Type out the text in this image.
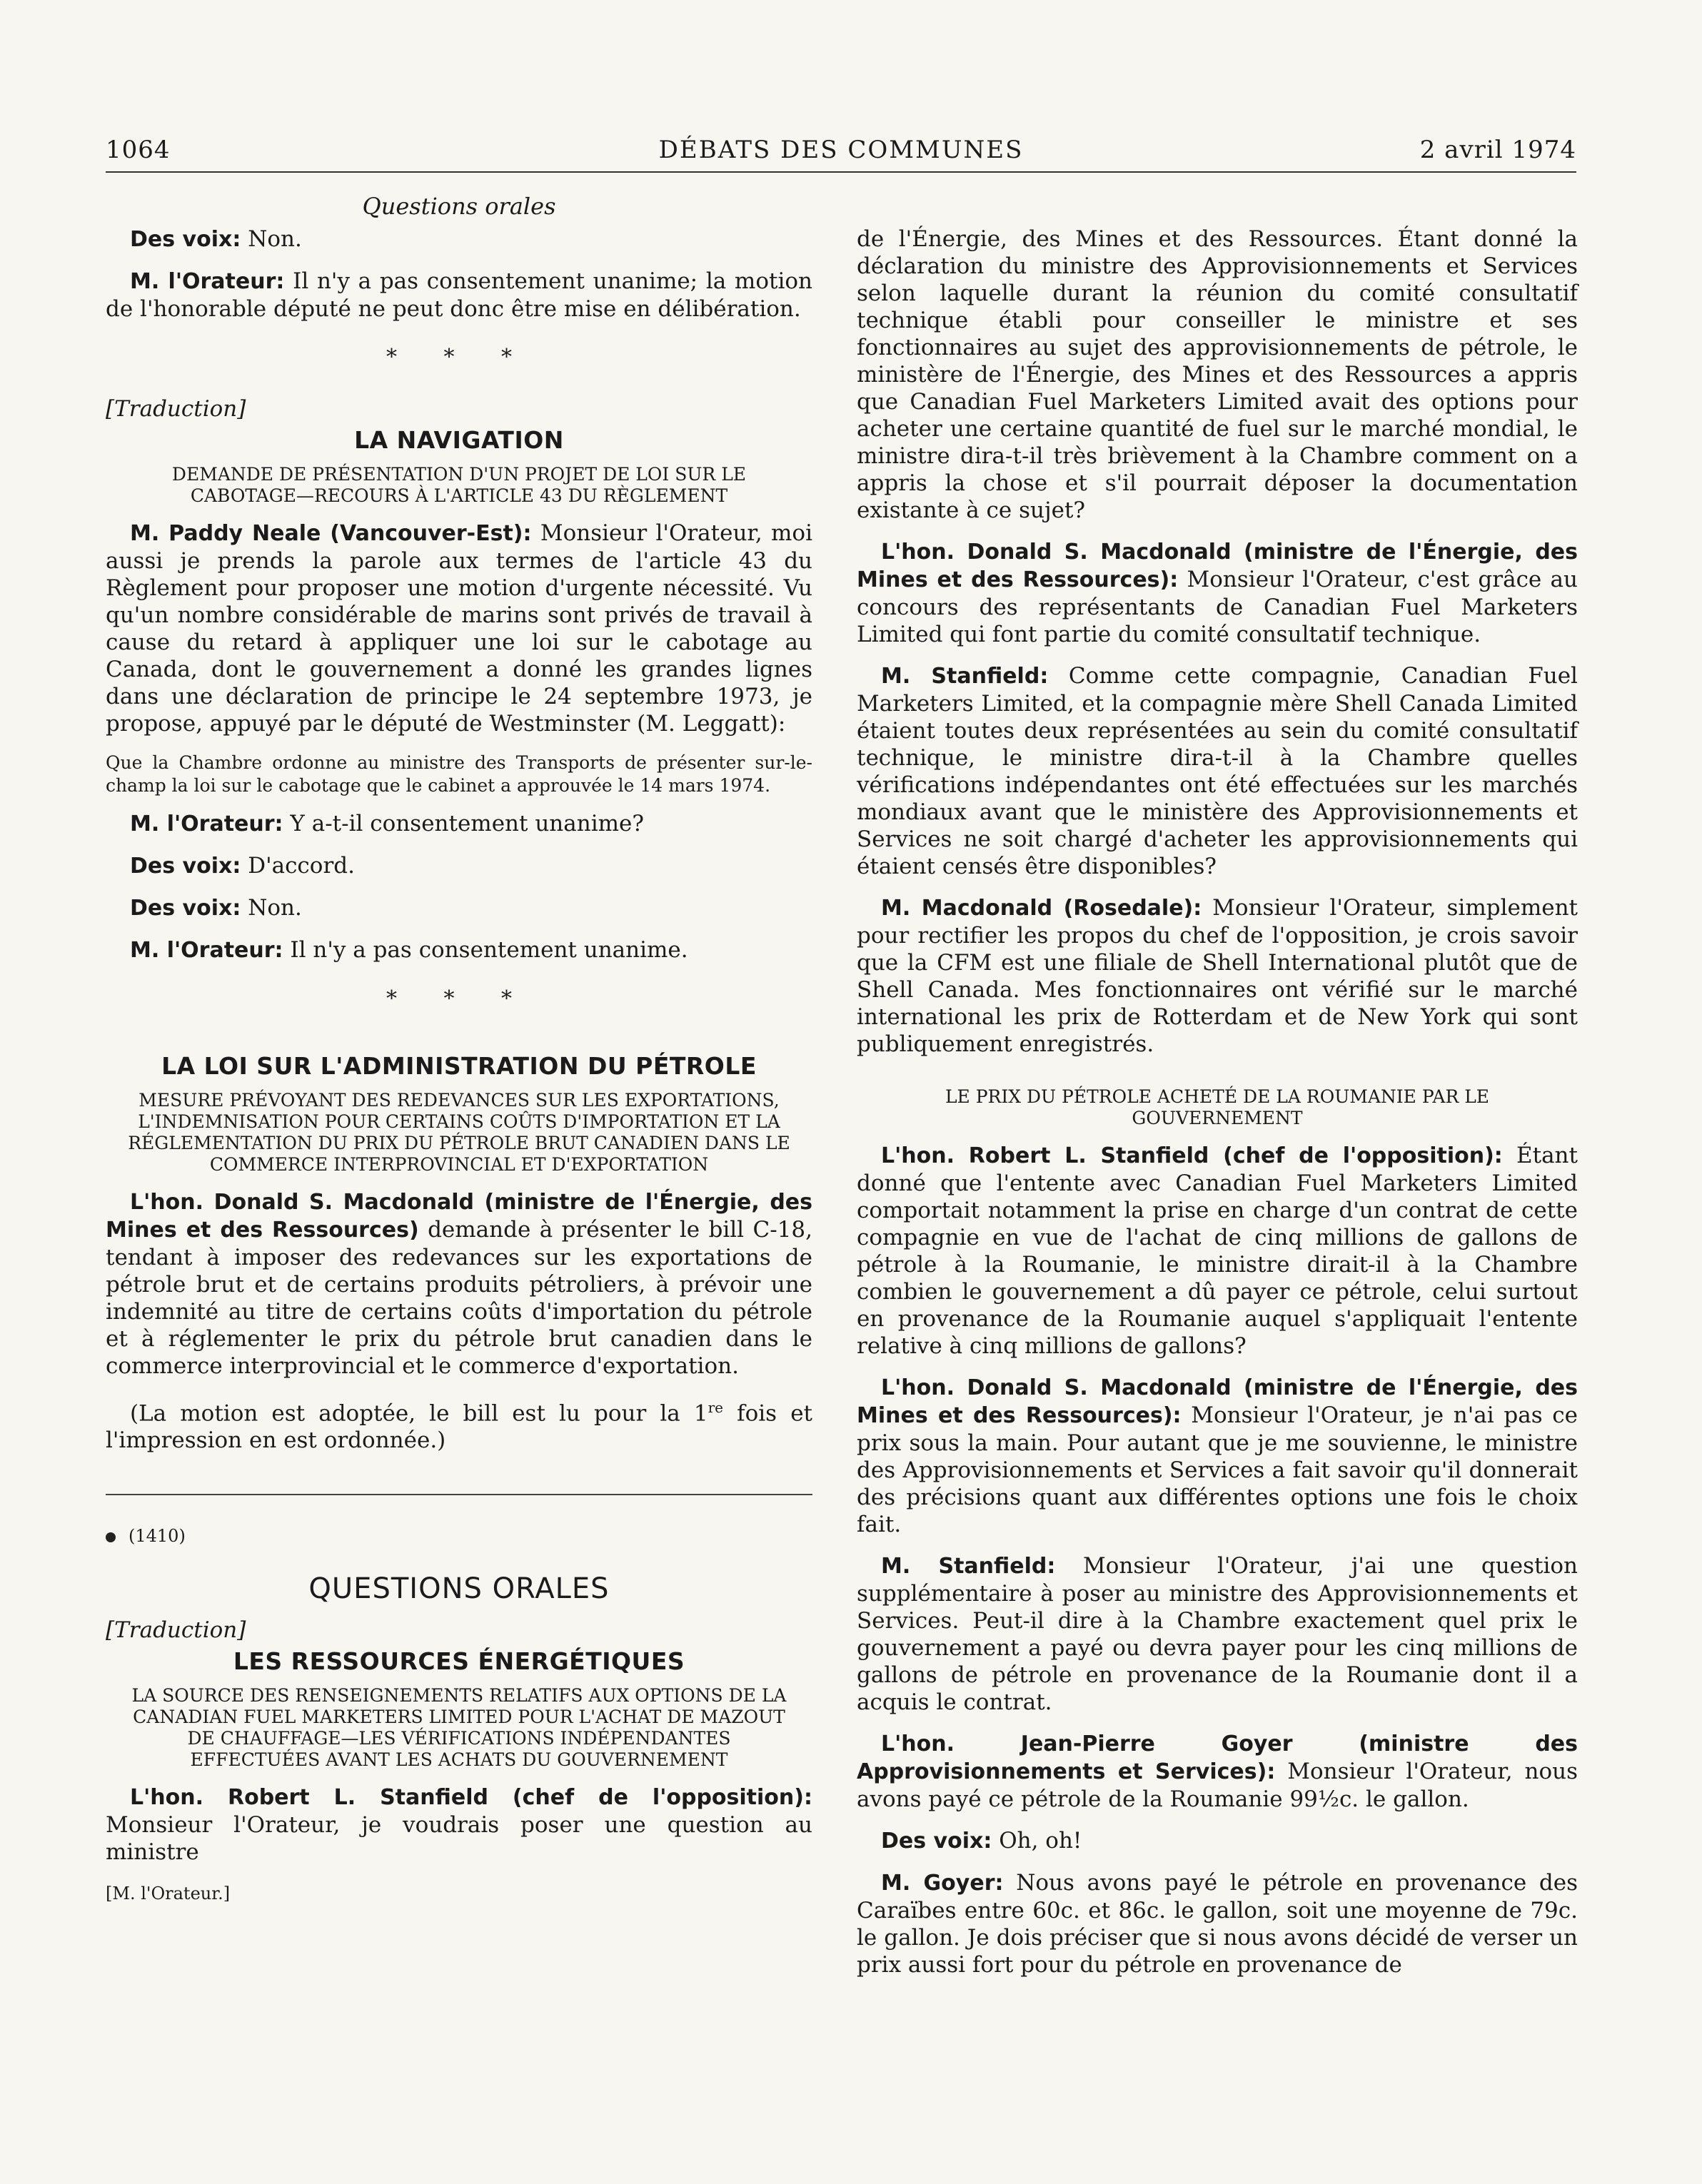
1064	DÉBATS DES COMMUNES	2 avril 1974
Questions orales

Des voix: Non.

M. l'Orateur: Il n'y a pas consentement unanime; la motion de l'honorable député ne peut donc être mise en délibération.

* * *
[Traduction]
LA NAVIGATION
DEMANDE DE PRÉSENTATION D'UN PROJET DE LOI SUR LE CABOTAGE—RECOURS À L'ARTICLE 43 DU RÈGLEMENT

M. Paddy Neale (Vancouver-Est): Monsieur l'Orateur, moi aussi je prends la parole aux termes de l'article 43 du Règlement pour proposer une motion d'urgente nécessité. Vu qu'un nombre considérable de marins sont privés de travail à cause du retard à appliquer une loi sur le cabotage au Canada, dont le gouvernement a donné les grandes lignes dans une déclaration de principe le 24 septembre 1973, je propose, appuyé par le député de Westminster (M. Leggatt):

Que la Chambre ordonne au ministre des Transports de présenter sur-le-champ la loi sur le cabotage que le cabinet a approuvée le 14 mars 1974.

M. l'Orateur: Y a-t-il consentement unanime?

Des voix: D'accord.

Des voix: Non.

M. l'Orateur: Il n'y a pas consentement unanime.

* * *
LA LOI SUR L'ADMINISTRATION DU PÉTROLE
MESURE PRÉVOYANT DES REDEVANCES SUR LES EXPORTATIONS, L'INDEMNISATION POUR CERTAINS COÛTS D'IMPORTATION ET LA RÉGLEMENTATION DU PRIX DU PÉTROLE BRUT CANADIEN DANS LE COMMERCE INTERPROVINCIAL ET D'EXPORTATION

L'hon. Donald S. Macdonald (ministre de l'Énergie, des Mines et des Ressources) demande à présenter le bill C-18, tendant à imposer des redevances sur les exportations de pétrole brut et de certains produits pétroliers, à prévoir une indemnité au titre de certains coûts d'importation du pétrole et à réglementer le prix du pétrole brut canadien dans le commerce interprovincial et le commerce d'exportation.

(La motion est adoptée, le bill est lu pour la 1re fois et l'impression en est ordonnée.)

(1410)
QUESTIONS ORALES
[Traduction]
LES RESSOURCES ÉNERGÉTIQUES
LA SOURCE DES RENSEIGNEMENTS RELATIFS AUX OPTIONS DE LA CANADIAN FUEL MARKETERS LIMITED POUR L'ACHAT DE MAZOUT DE CHAUFFAGE—LES VÉRIFICATIONS INDÉPENDANTES EFFECTUÉES AVANT LES ACHATS DU GOUVERNEMENT

L'hon. Robert L. Stanfield (chef de l'opposition): Monsieur l'Orateur, je voudrais poser une question au ministre

[M. l'Orateur.]

de l'Énergie, des Mines et des Ressources. Étant donné la déclaration du ministre des Approvisionnements et Services selon laquelle durant la réunion du comité consultatif technique établi pour conseiller le ministre et ses fonctionnaires au sujet des approvisionnements de pétrole, le ministère de l'Énergie, des Mines et des Ressources a appris que Canadian Fuel Marketers Limited avait des options pour acheter une certaine quantité de fuel sur le marché mondial, le ministre dira-t-il très brièvement à la Chambre comment on a appris la chose et s'il pourrait déposer la documentation existante à ce sujet?

L'hon. Donald S. Macdonald (ministre de l'Énergie, des Mines et des Ressources): Monsieur l'Orateur, c'est grâce au concours des représentants de Canadian Fuel Marketers Limited qui font partie du comité consultatif technique.

M. Stanfield: Comme cette compagnie, Canadian Fuel Marketers Limited, et la compagnie mère Shell Canada Limited étaient toutes deux représentées au sein du comité consultatif technique, le ministre dira-t-il à la Chambre quelles vérifications indépendantes ont été effectuées sur les marchés mondiaux avant que le ministère des Approvisionnements et Services ne soit chargé d'acheter les approvisionnements qui étaient censés être disponibles?

M. Macdonald (Rosedale): Monsieur l'Orateur, simplement pour rectifier les propos du chef de l'opposition, je crois savoir que la CFM est une filiale de Shell International plutôt que de Shell Canada. Mes fonctionnaires ont vérifié sur le marché international les prix de Rotterdam et de New York qui sont publiquement enregistrés.

LE PRIX DU PÉTROLE ACHETÉ DE LA ROUMANIE PAR LE GOUVERNEMENT

L'hon. Robert L. Stanfield (chef de l'opposition): Étant donné que l'entente avec Canadian Fuel Marketers Limited comportait notamment la prise en charge d'un contrat de cette compagnie en vue de l'achat de cinq millions de gallons de pétrole à la Roumanie, le ministre dirait-il à la Chambre combien le gouvernement a dû payer ce pétrole, celui surtout en provenance de la Roumanie auquel s'appliquait l'entente relative à cinq millions de gallons?

L'hon. Donald S. Macdonald (ministre de l'Énergie, des Mines et des Ressources): Monsieur l'Orateur, je n'ai pas ce prix sous la main. Pour autant que je me souvienne, le ministre des Approvisionnements et Services a fait savoir qu'il donnerait des précisions quant aux différentes options une fois le choix fait.

M. Stanfield: Monsieur l'Orateur, j'ai une question supplémentaire à poser au ministre des Approvisionnements et Services. Peut-il dire à la Chambre exactement quel prix le gouvernement a payé ou devra payer pour les cinq millions de gallons de pétrole en provenance de la Roumanie dont il a acquis le contrat.

L'hon. Jean-Pierre Goyer (ministre des Approvisionnements et Services): Monsieur l'Orateur, nous avons payé ce pétrole de la Roumanie 99½c. le gallon.

Des voix: Oh, oh!

M. Goyer: Nous avons payé le pétrole en provenance des Caraïbes entre 60c. et 86c. le gallon, soit une moyenne de 79c. le gallon. Je dois préciser que si nous avons décidé de verser un prix aussi fort pour du pétrole en provenance de
